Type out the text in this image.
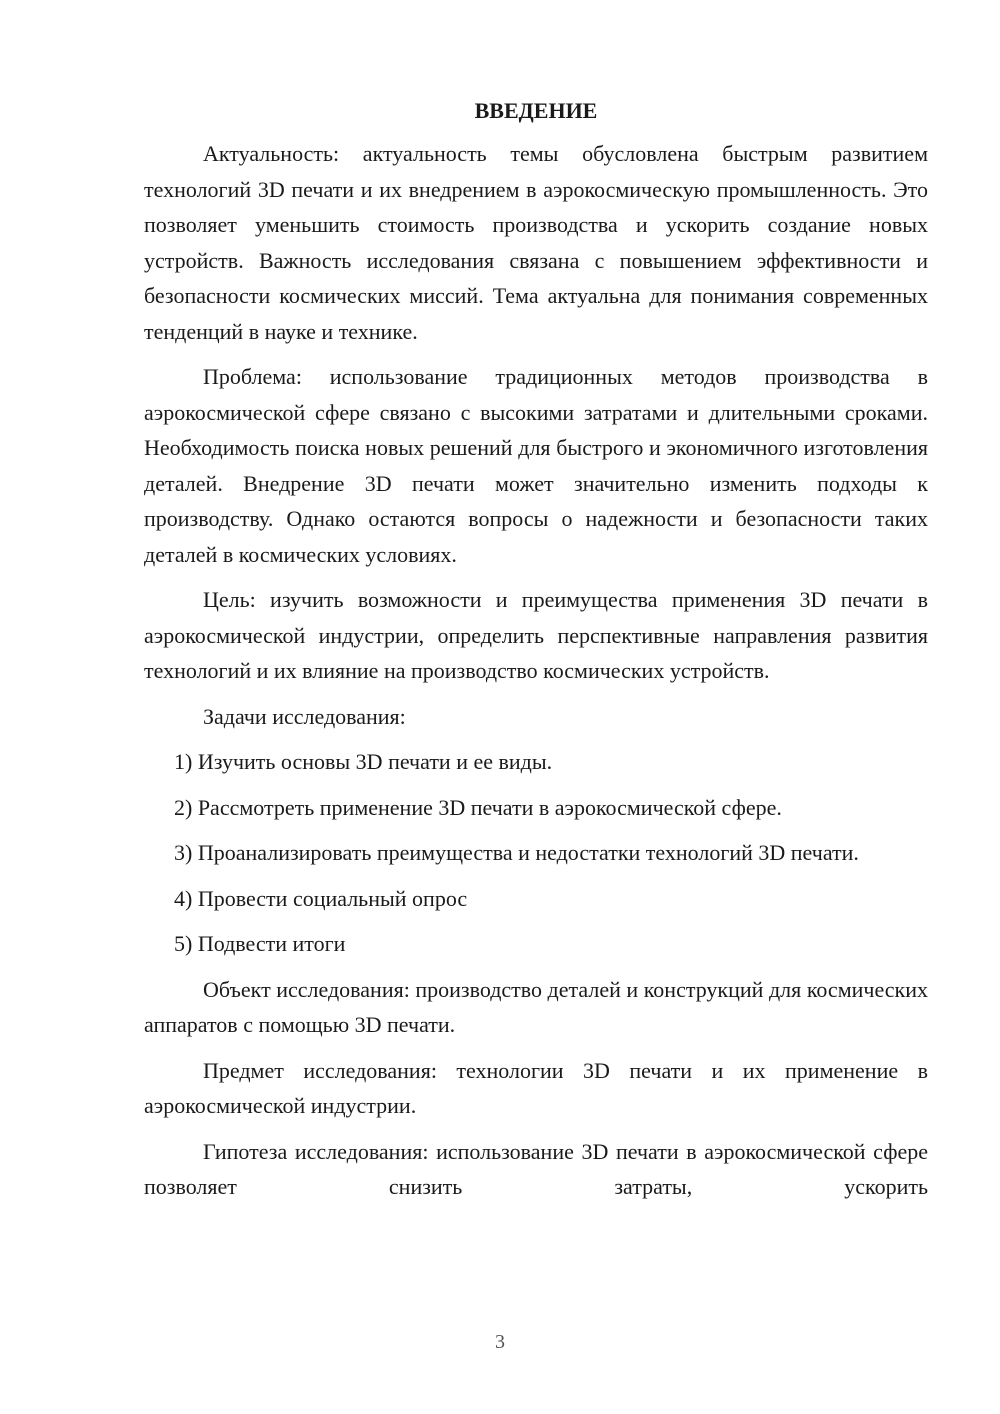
ВВЕДЕНИЕ

Актуальность: актуальность темы обусловлена быстрым развитием технологий 3D печати и их внедрением в аэрокосмическую промышленность. Это позволяет уменьшить стоимость производства и ускорить создание новых устройств. Важность исследования связана с повышением эффективности и безопасности космических миссий. Тема актуальна для понимания современных тенденций в науке и технике.

Проблема: использование традиционных методов производства в аэрокосмической сфере связано с высокими затратами и длительными сроками. Необходимость поиска новых решений для быстрого и экономичного изготовления деталей. Внедрение 3D печати может значительно изменить подходы к производству. Однако остаются вопросы о надежности и безопасности таких деталей в космических условиях.

Цель: изучить возможности и преимущества применения 3D печати в аэрокосмической индустрии, определить перспективные направления развития технологий и их влияние на производство космических устройств.

Задачи исследования:

1) Изучить основы 3D печати и ее виды.
2) Рассмотреть применение 3D печати в аэрокосмической сфере.
3) Проанализировать преимущества и недостатки технологий 3D печати.
4) Провести социальный опрос
5) Подвести итоги

Объект исследования: производство деталей и конструкций для космических аппаратов с помощью 3D печати.

Предмет исследования: технологии 3D печати и их применение в аэрокосмической индустрии.

Гипотеза исследования: использование 3D печати в аэрокосмической сфере позволяет снизить затраты, ускорить

3
